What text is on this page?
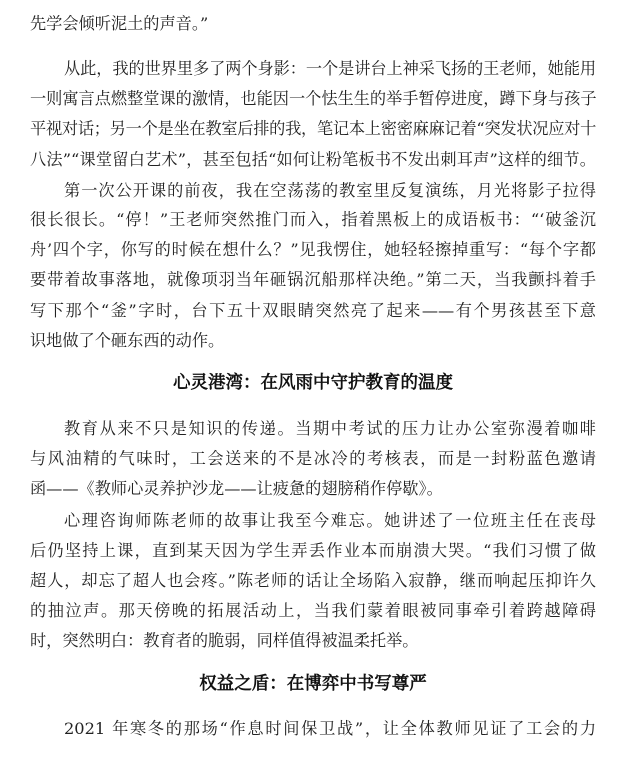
先学会倾听泥土的声音。”
从此，我的世界里多了两个身影：一个是讲台上神采飞扬的王老师，她能用
一则寓言点燃整堂课的激情，也能因一个怯生生的举手暂停进度，蹲下身与孩子
平视对话；另一个是坐在教室后排的我，笔记本上密密麻麻记着“突发状况应对十
八法”“课堂留白艺术”，甚至包括“如何让粉笔板书不发出刺耳声”这样的细节。
第一次公开课的前夜，我在空荡荡的教室里反复演练，月光将影子拉得
很长很长。“停！”王老师突然推门而入，指着黑板上的成语板书：“‘破釜沉
舟’四个字，你写的时候在想什么？”见我愣住，她轻轻擦掉重写：“每个字都
要带着故事落地，就像项羽当年砸锅沉船那样决绝。”第二天，当我颤抖着手
写下那个“釜”字时，台下五十双眼睛突然亮了起来——有个男孩甚至下意
识地做了个砸东西的动作。
心灵港湾：在风雨中守护教育的温度
教育从来不只是知识的传递。当期中考试的压力让办公室弥漫着咖啡
与风油精的气味时，工会送来的不是冰冷的考核表，而是一封粉蓝色邀请
函——《教师心灵养护沙龙——让疲惫的翅膀稍作停歇》。
心理咨询师陈老师的故事让我至今难忘。她讲述了一位班主任在丧母
后仍坚持上课，直到某天因为学生弄丢作业本而崩溃大哭。“我们习惯了做
超人，却忘了超人也会疼。”陈老师的话让全场陷入寂静，继而响起压抑许久
的抽泣声。那天傍晚的拓展活动上，当我们蒙着眼被同事牵引着跨越障碍
时，突然明白：教育者的脆弱，同样值得被温柔托举。
权益之盾：在博弈中书写尊严
2021 年寒冬的那场“作息时间保卫战”，让全体教师见证了工会的力
